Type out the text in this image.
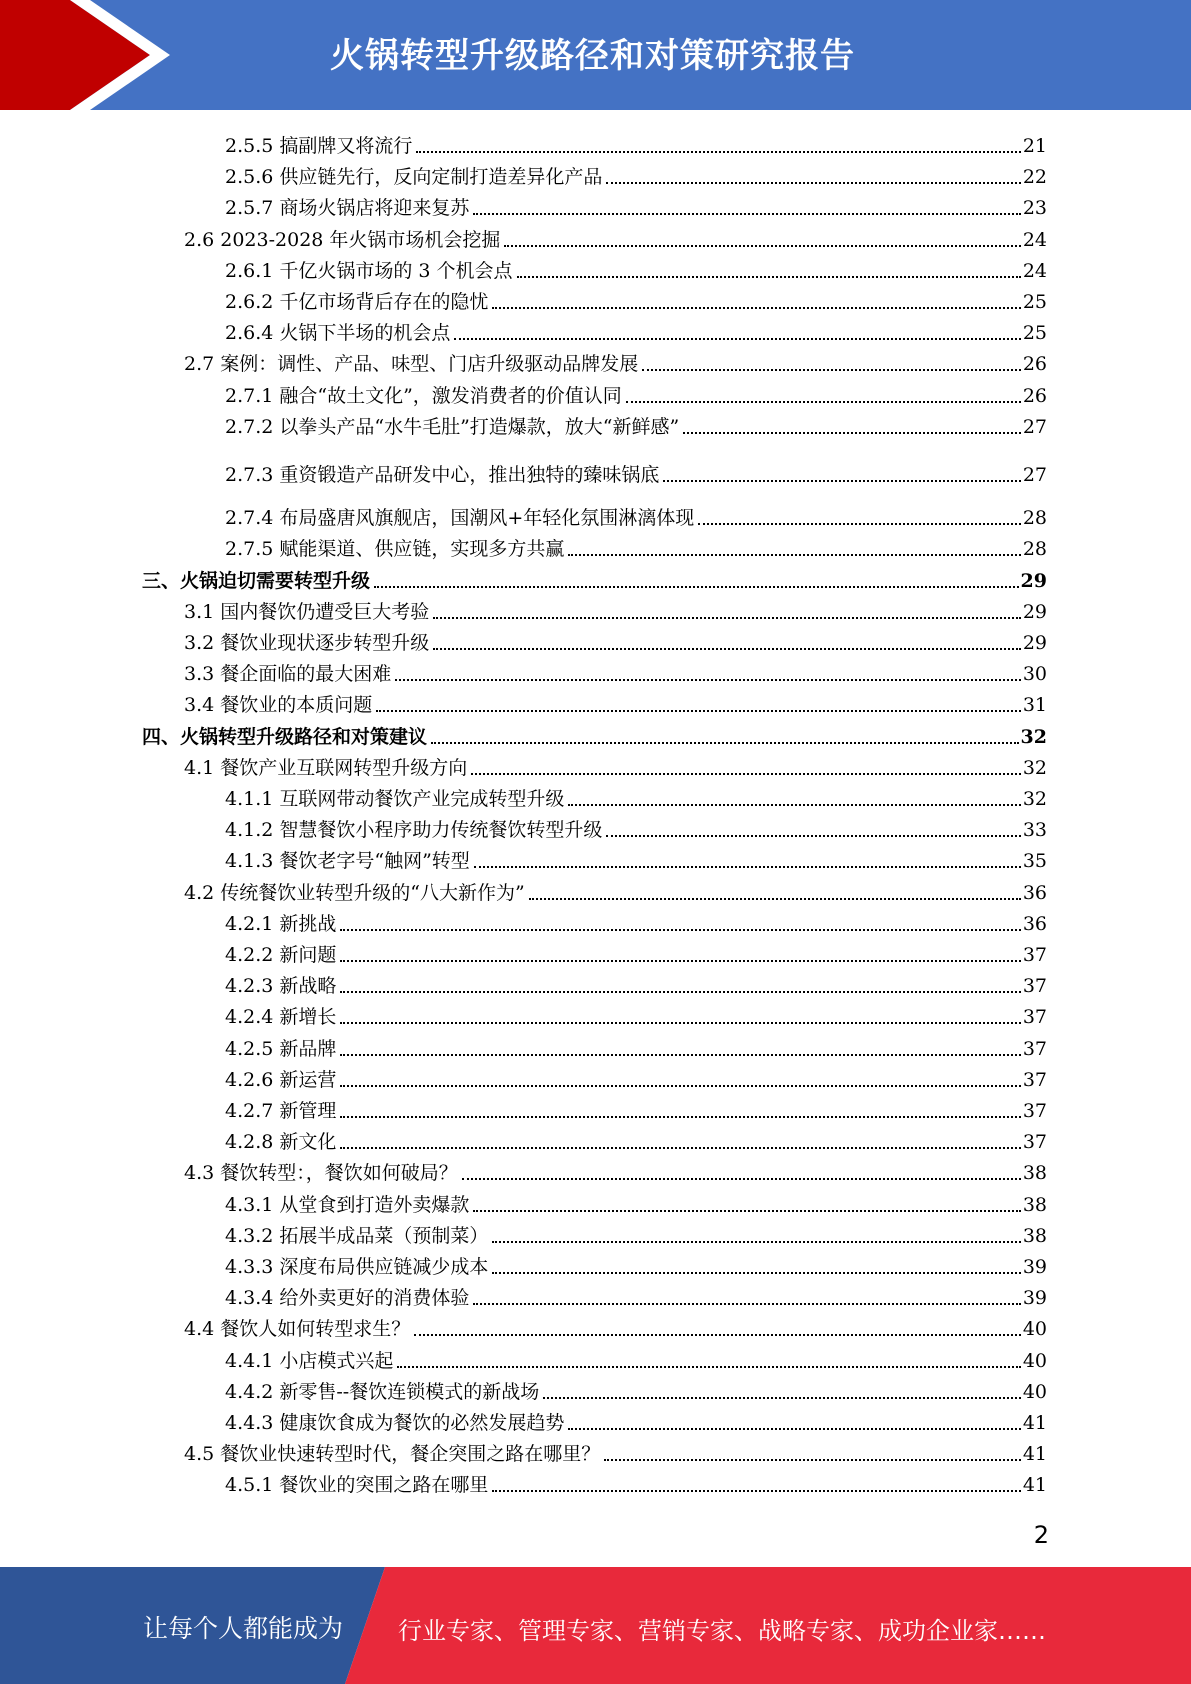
火锅转型升级路径和对策研究报告
2.5.5 搞副牌又将流行	21
2.5.6 供应链先行，反向定制打造差异化产品	22
2.5.7 商场火锅店将迎来复苏	23
2.6 2023-2028 年火锅市场机会挖掘	24
2.6.1 千亿火锅市场的 3 个机会点	24
2.6.2 千亿市场背后存在的隐忧	25
2.6.4 火锅下半场的机会点	25
2.7 案例：调性、产品、味型、门店升级驱动品牌发展	26
2.7.1 融合“故土文化”，激发消费者的价值认同	26
2.7.2 以拳头产品“水牛毛肚”打造爆款，放大“新鲜感”	27
2.7.3 重资锻造产品研发中心，推出独特的臻味锅底	27
2.7.4 布局盛唐风旗舰店，国潮风+年轻化氛围淋漓体现	28
2.7.5 赋能渠道、供应链，实现多方共赢	28
三、火锅迫切需要转型升级	29
3.1 国内餐饮仍遭受巨大考验	29
3.2 餐饮业现状逐步转型升级	29
3.3 餐企面临的最大困难	30
3.4 餐饮业的本质问题	31
四、火锅转型升级路径和对策建议	32
4.1 餐饮产业互联网转型升级方向	32
4.1.1 互联网带动餐饮产业完成转型升级	32
4.1.2 智慧餐饮小程序助力传统餐饮转型升级	33
4.1.3 餐饮老字号“触网”转型	35
4.2 传统餐饮业转型升级的“八大新作为”	36
4.2.1 新挑战	36
4.2.2 新问题	37
4.2.3 新战略	37
4.2.4 新增长	37
4.2.5 新品牌	37
4.2.6 新运营	37
4.2.7 新管理	37
4.2.8 新文化	37
4.3 餐饮转型：，餐饮如何破局？	38
4.3.1 从堂食到打造外卖爆款	38
4.3.2 拓展半成品菜（预制菜）	38
4.3.3 深度布局供应链减少成本	39
4.3.4 给外卖更好的消费体验	39
4.4 餐饮人如何转型求生？	40
4.4.1 小店模式兴起	40
4.4.2 新零售--餐饮连锁模式的新战场	40
4.4.3 健康饮食成为餐饮的必然发展趋势	41
4.5 餐饮业快速转型时代，餐企突围之路在哪里？	41
4.5.1 餐饮业的突围之路在哪里	41
2
让每个人都能成为 行业专家、管理专家、营销专家、战略专家、成功企业家……
